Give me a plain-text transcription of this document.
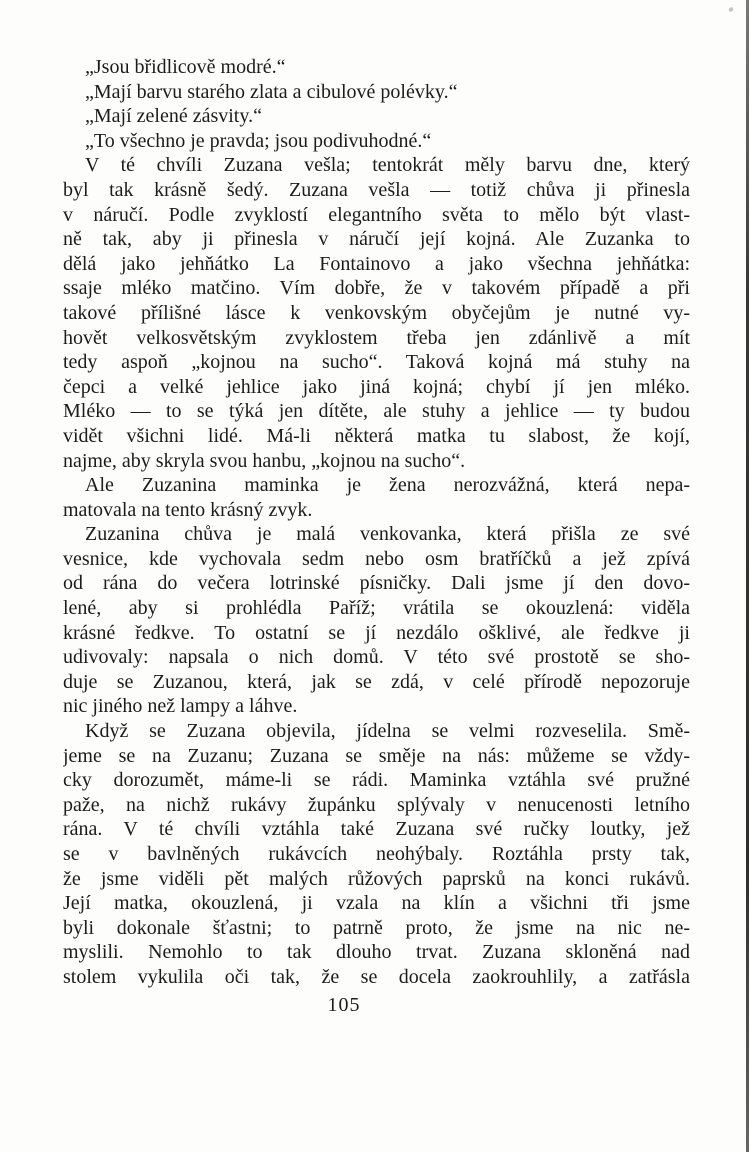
„Jsou břidlicově modré.“
„Mají barvu starého zlata a cibulové polévky.“
„Mají zelené zásvity.“
„To všechno je pravda; jsou podivuhodné.“
V té chvíli Zuzana vešla; tentokrát měly barvu dne, který
byl tak krásně šedý. Zuzana vešla — totiž chůva ji přinesla
v náručí. Podle zvyklostí elegantního světa to mělo být vlast-
ně tak, aby ji přinesla v náručí její kojná. Ale Zuzanka to
dělá jako jehňátko La Fontainovo a jako všechna jehňátka:
ssaje mléko matčino. Vím dobře, že v takovém případě a při
takové přílišné lásce k venkovským obyčejům je nutné vy-
hovět velkosvětským zvyklostem třeba jen zdánlivě a mít
tedy aspoň „kojnou na sucho“. Taková kojná má stuhy na
čepci a velké jehlice jako jiná kojná; chybí jí jen mléko.
Mléko — to se týká jen dítěte, ale stuhy a jehlice — ty budou
vidět všichni lidé. Má-li některá matka tu slabost, že kojí,
najme, aby skryla svou hanbu, „kojnou na sucho“.
Ale Zuzanina maminka je žena nerozvážná, která nepa-
matovala na tento krásný zvyk.
Zuzanina chůva je malá venkovanka, která přišla ze své
vesnice, kde vychovala sedm nebo osm bratříčků a jež zpívá
od rána do večera lotrinské písničky. Dali jsme jí den dovo-
lené, aby si prohlédla Paříž; vrátila se okouzlená: viděla
krásné ředkve. To ostatní se jí nezdálo ošklivé, ale ředkve ji
udivovaly: napsala o nich domů. V této své prostotě se sho-
duje se Zuzanou, která, jak se zdá, v celé přírodě nepozoruje
nic jiného než lampy a láhve.
Když se Zuzana objevila, jídelna se velmi rozveselila. Smě-
jeme se na Zuzanu; Zuzana se směje na nás: můžeme se vždy-
cky dorozumět, máme-li se rádi. Maminka vztáhla své pružné
paže, na nichž rukávy župánku splývaly v nenucenosti letního
rána. V té chvíli vztáhla také Zuzana své ručky loutky, jež
se v bavlněných rukávcích neohýbaly. Roztáhla prsty tak,
že jsme viděli pět malých růžových paprsků na konci rukávů.
Její matka, okouzlená, ji vzala na klín a všichni tři jsme
byli dokonale šťastni; to patrně proto, že jsme na nic ne-
myslili. Nemohlo to tak dlouho trvat. Zuzana skloněná nad
stolem vykulila oči tak, že se docela zaokrouhlily, a zatřásla
105
